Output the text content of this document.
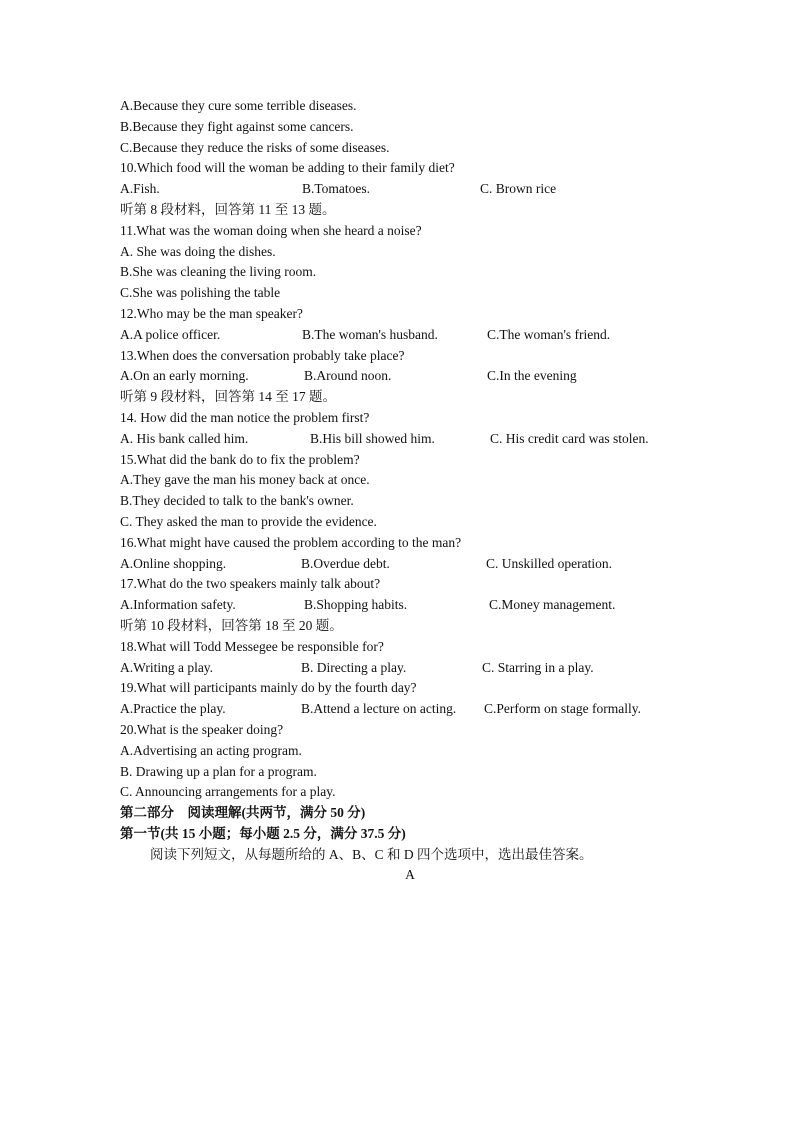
A.Because they cure some terrible diseases.
B.Because they fight against some cancers.
C.Because they reduce the risks of some diseases.
10.Which food will the woman be adding to their family diet?
A.Fish.	B.Tomatoes.	C. Brown rice
听第 8 段材料，回答第 11 至 13 题。
11.What was the woman doing when she heard a noise?
A. She was doing the dishes.
B.She was cleaning the living room.
C.She was polishing the table
12.Who may be the man speaker?
A.A police officer.	B.The woman's husband.	C.The woman's friend.
13.When does the conversation probably take place?
A.On an early morning.	B.Around noon.	C.In the evening
听第 9 段材料，回答第 14 至 17 题。
14. How did the man notice the problem first?
A. His bank called him.	B.His bill showed him.	C. His credit card was stolen.
15.What did the bank do to fix the problem?
A.They gave the man his money back at once.
B.They decided to talk to the bank's owner.
C. They asked the man to provide the evidence.
16.What might have caused the problem according to the man?
A.Online shopping.	B.Overdue debt.	C. Unskilled operation.
17.What do the two speakers mainly talk about?
A.Information safety.	B.Shopping habits.	C.Money management.
听第 10 段材料，回答第 18 至 20 题。
18.What will Todd Messegee be responsible for?
A.Writing a play.	B. Directing a play.	C. Starring in a play.
19.What will participants mainly do by the fourth day?
A.Practice the play.	B.Attend a lecture on acting. C.Perform on stage formally.
20.What is the speaker doing?
A.Advertising an acting program.
B. Drawing up a plan for a program.
C. Announcing arrangements for a play.
第二部分　阅读理解(共两节，满分 50 分)
第一节(共 15 小题；每小题 2.5 分，满分 37.5 分)
阅读下列短文，从每题所给的 A、B、C 和 D 四个选项中，选出最佳答案。
A
